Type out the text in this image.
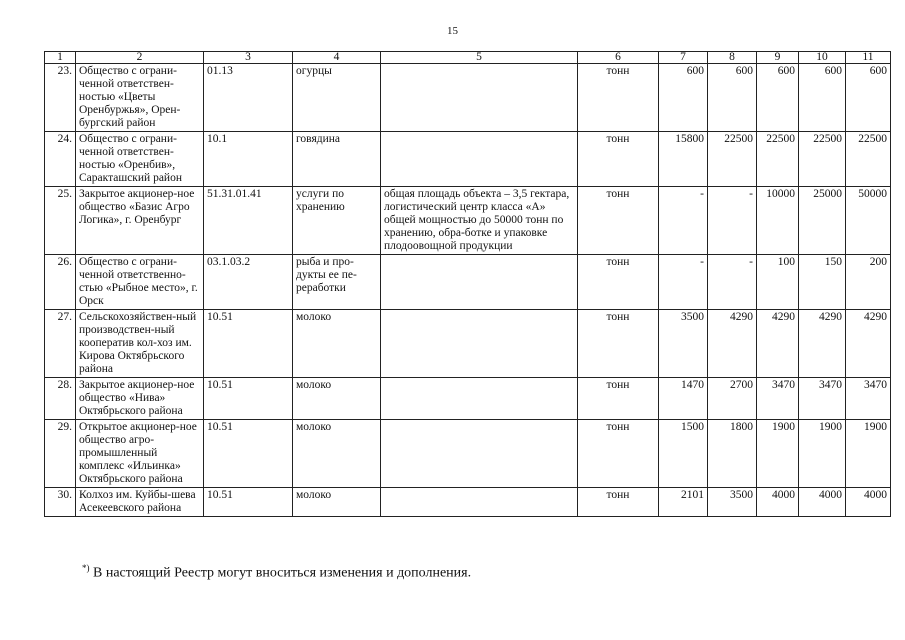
15
1	2	3	4	5	6	7	8	9	10	11
23.	Общество с ограни-ченной ответствен-ностью «Цветы Оренбуржья», Орен-бургский район	01.13	огурцы		тонн	600	600	600	600	600
24.	Общество с ограни-ченной ответствен-ностью «Оренбив», Саракташский район	10.1	говядина		тонн	15800	22500	22500	22500	22500
25.	Закрытое акционер-ное общество «Базис Агро Логика», г. Оренбург	51.31.01.41	услуги по хранению	общая площадь объекта – 3,5 гектара, логистический центр класса «А» общей мощностью до 50000 тонн по хранению, обра-ботке и упаковке плодоовощной продукции	тонн	-	-	10000	25000	50000
26.	Общество с ограни-ченной ответственно-стью «Рыбное место», г. Орск	03.1.03.2	рыба и про-дукты ее пе-реработки		тонн	-	-	100	150	200
27.	Сельскохозяйствен-ный производствен-ный кооператив кол-хоз им. Кирова Октябрьского района	10.51	молоко		тонн	3500	4290	4290	4290	4290
28.	Закрытое акционер-ное общество «Нива» Октябрьского района	10.51	молоко		тонн	1470	2700	3470	3470	3470
29.	Открытое акционер-ное общество агро-промышленный комплекс «Ильинка» Октябрьского района	10.51	молоко		тонн	1500	1800	1900	1900	1900
30.	Колхоз им. Куйбы-шева Асекеевского района	10.51	молоко		тонн	2101	3500	4000	4000	4000
*) В настоящий Реестр могут вноситься изменения и дополнения.
